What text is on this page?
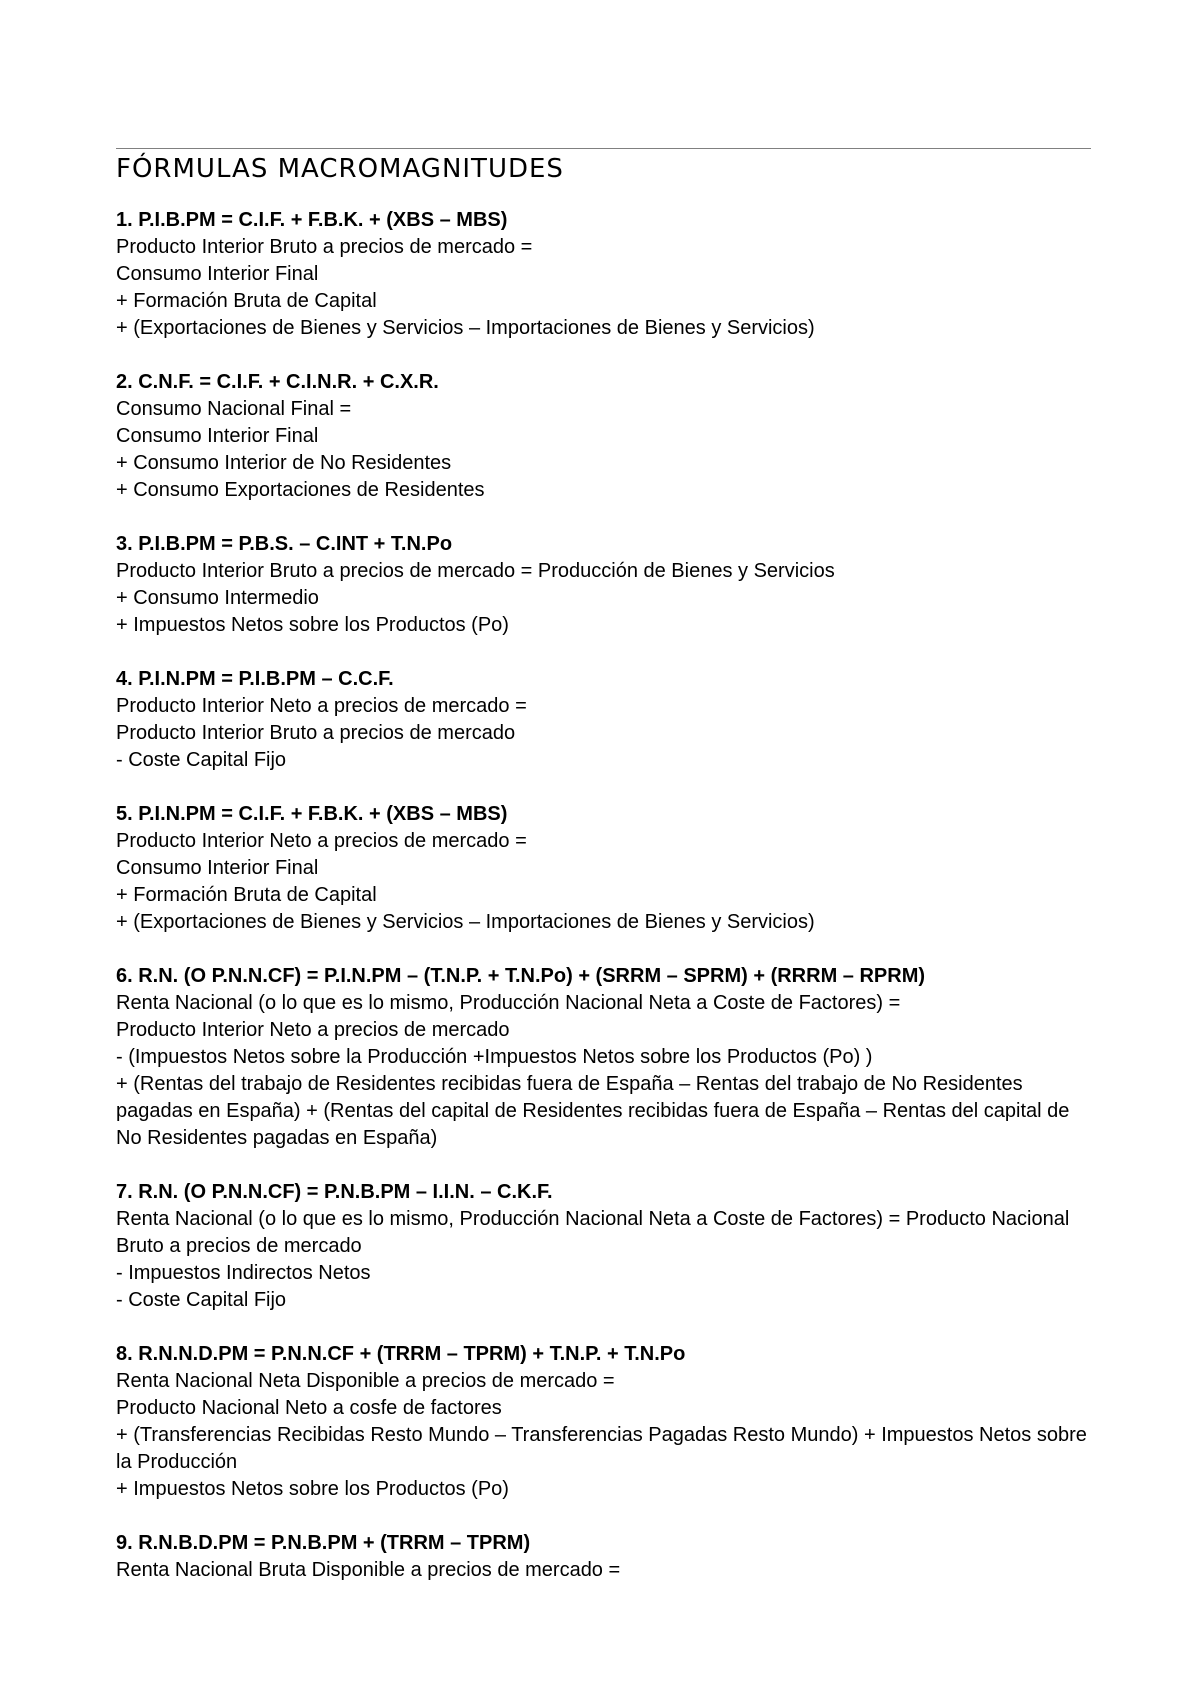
FÓRMULAS MACROMAGNITUDES
1. P.I.B.PM = C.I.F. + F.B.K. + (XBS – MBS)
Producto Interior Bruto a precios de mercado =
Consumo Interior Final
+ Formación Bruta de Capital
+ (Exportaciones de Bienes y Servicios – Importaciones de Bienes y Servicios)
2. C.N.F. = C.I.F. + C.I.N.R. + C.X.R.
Consumo Nacional Final =
Consumo Interior Final
+ Consumo Interior de No Residentes
+ Consumo Exportaciones de Residentes
3. P.I.B.PM = P.B.S. – C.INT + T.N.Po
Producto Interior Bruto a precios de mercado = Producción de Bienes y Servicios
+ Consumo Intermedio
+ Impuestos Netos sobre los Productos (Po)
4. P.I.N.PM = P.I.B.PM – C.C.F.
Producto Interior Neto a precios de mercado =
Producto Interior Bruto a precios de mercado
- Coste Capital Fijo
5. P.I.N.PM = C.I.F. + F.B.K. + (XBS – MBS)
Producto Interior Neto a precios de mercado =
Consumo Interior Final
+ Formación Bruta de Capital
+ (Exportaciones de Bienes y Servicios – Importaciones de Bienes y Servicios)
6. R.N. (O P.N.N.CF) = P.I.N.PM – (T.N.P. + T.N.Po) + (SRRM – SPRM) + (RRRM – RPRM)
Renta Nacional (o lo que es lo mismo, Producción Nacional Neta a Coste de Factores) =
Producto Interior Neto a precios de mercado
- (Impuestos Netos sobre la Producción +Impuestos Netos sobre los Productos (Po) )
+ (Rentas del trabajo de Residentes recibidas fuera de España – Rentas del trabajo de No Residentes pagadas en España) + (Rentas del capital de Residentes recibidas fuera de España – Rentas del capital de No Residentes pagadas en España)
7. R.N. (O P.N.N.CF) = P.N.B.PM – I.I.N. – C.K.F.
Renta Nacional (o lo que es lo mismo, Producción Nacional Neta a Coste de Factores) = Producto Nacional Bruto a precios de mercado
- Impuestos Indirectos Netos
- Coste Capital Fijo
8. R.N.N.D.PM = P.N.N.CF + (TRRM – TPRM) + T.N.P. + T.N.Po
Renta Nacional Neta Disponible a precios de mercado =
Producto Nacional Neto a cosfe de factores
+ (Transferencias Recibidas Resto Mundo – Transferencias Pagadas Resto Mundo) + Impuestos Netos sobre la Producción
+ Impuestos Netos sobre los Productos (Po)
9. R.N.B.D.PM = P.N.B.PM + (TRRM – TPRM)
Renta Nacional Bruta Disponible a precios de mercado =
